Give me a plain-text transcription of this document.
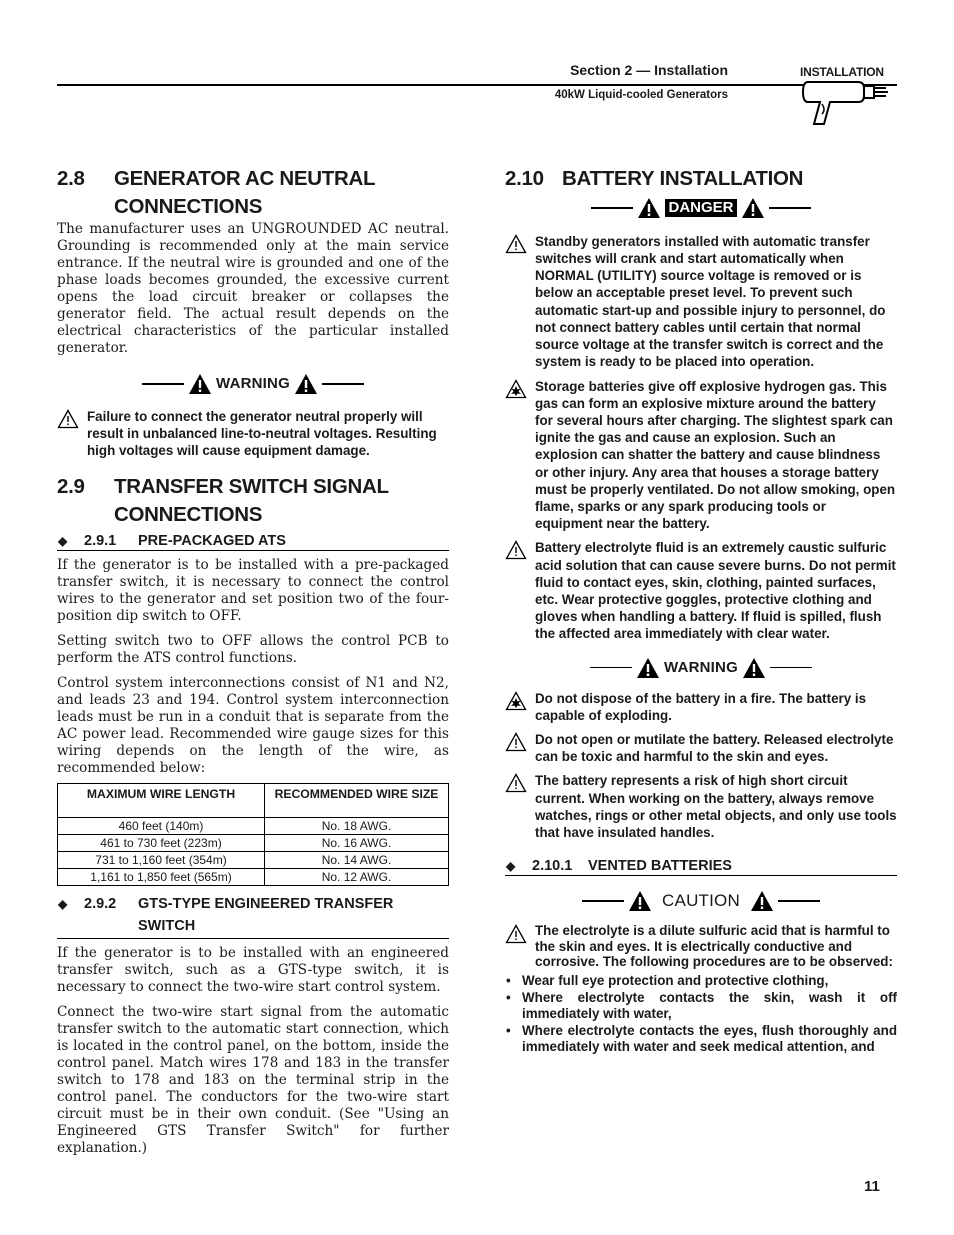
Section 2 — Installation
40kW Liquid-cooled Generators
INSTALLATION
2.8	GENERATOR AC NEUTRAL CONNECTIONS

The manufacturer uses an UNGROUNDED AC neutral. Grounding is recommended only at the main service entrance. If the neutral wire is grounded and one of the phase loads becomes grounded, the excessive current opens the load circuit breaker or collapses the generator field. The actual result depends on the electrical characteristics of the particular installed generator.

WARNING
Failure to connect the generator neutral properly will result in unbalanced line-to-neutral voltages. Resulting high voltages will cause equipment damage.
2.9	TRANSFER SWITCH SIGNAL CONNECTIONS
◆	2.9.1	PRE-PACKAGED ATS

If the generator is to be installed with a pre-packaged transfer switch, it is necessary to connect the control wires to the generator and set position two of the four-position dip switch to OFF.

Setting switch two to OFF allows the control PCB to perform the ATS control functions.

Control system interconnections consist of N1 and N2, and leads 23 and 194. Control system interconnection leads must be run in a conduit that is separate from the AC power lead. Recommended wire gauge sizes for this wiring depends on the length of the wire, as recommended below:

MAXIMUM WIRE LENGTH	RECOMMENDED WIRE SIZE
460 feet (140m)	No. 18 AWG.
461 to 730 feet (223m)	No. 16 AWG.
731 to 1,160 feet (354m)	No. 14 AWG.
1,161 to 1,850 feet (565m)	No. 12 AWG.
◆	2.9.2	GTS-TYPE ENGINEERED TRANSFER SWITCH

If the generator is to be installed with an engineered transfer switch, such as a GTS-type switch, it is necessary to connect the two-wire start control system.

Connect the two-wire start signal from the automatic transfer switch to the automatic start connection, which is located in the control panel, on the bottom, inside the control panel. Match wires 178 and 183 in the transfer switch to 178 and 183 on the terminal strip in the control panel. The conductors for the two-wire start circuit must be in their own conduit. (See "Using an Engineered GTS Transfer Switch" for further explanation.)

2.10 BATTERY INSTALLATION
DANGER
Standby generators installed with automatic transfer switches will crank and start automatically when NORMAL (UTILITY) source voltage is removed or is below an acceptable preset level. To prevent such automatic start-up and possible injury to personnel, do not connect battery cables until certain that normal source voltage at the transfer switch is correct and the system is ready to be placed into operation.
Storage batteries give off explosive hydrogen gas. This gas can form an explosive mixture around the battery for several hours after charging. The slightest spark can ignite the gas and cause an explosion. Such an explosion can shatter the battery and cause blindness or other injury. Any area that houses a storage battery must be properly ventilated. Do not allow smoking, open flame, sparks or any spark producing tools or equipment near the battery.
Battery electrolyte fluid is an extremely caustic sulfuric acid solution that can cause severe burns. Do not permit fluid to contact eyes, skin, clothing, painted surfaces, etc. Wear protective goggles, protective clothing and gloves when handling a battery. If fluid is spilled, flush the affected area immediately with clear water.
WARNING
Do not dispose of the battery in a fire. The battery is capable of exploding.
Do not open or mutilate the battery. Released electrolyte can be toxic and harmful to the skin and eyes.
The battery represents a risk of high short circuit current. When working on the battery, always remove watches, rings or other metal objects, and only use tools that have insulated handles.
◆	2.10.1	VENTED BATTERIES
CAUTION
The electrolyte is a dilute sulfuric acid that is harmful to the skin and eyes. It is electrically conductive and corrosive. The following procedures are to be observed:
• Wear full eye protection and protective clothing,
• Where electrolyte contacts the skin, wash it off immediately with water,
• Where electrolyte contacts the eyes, flush thoroughly and immediately with water and seek medical attention, and
11
